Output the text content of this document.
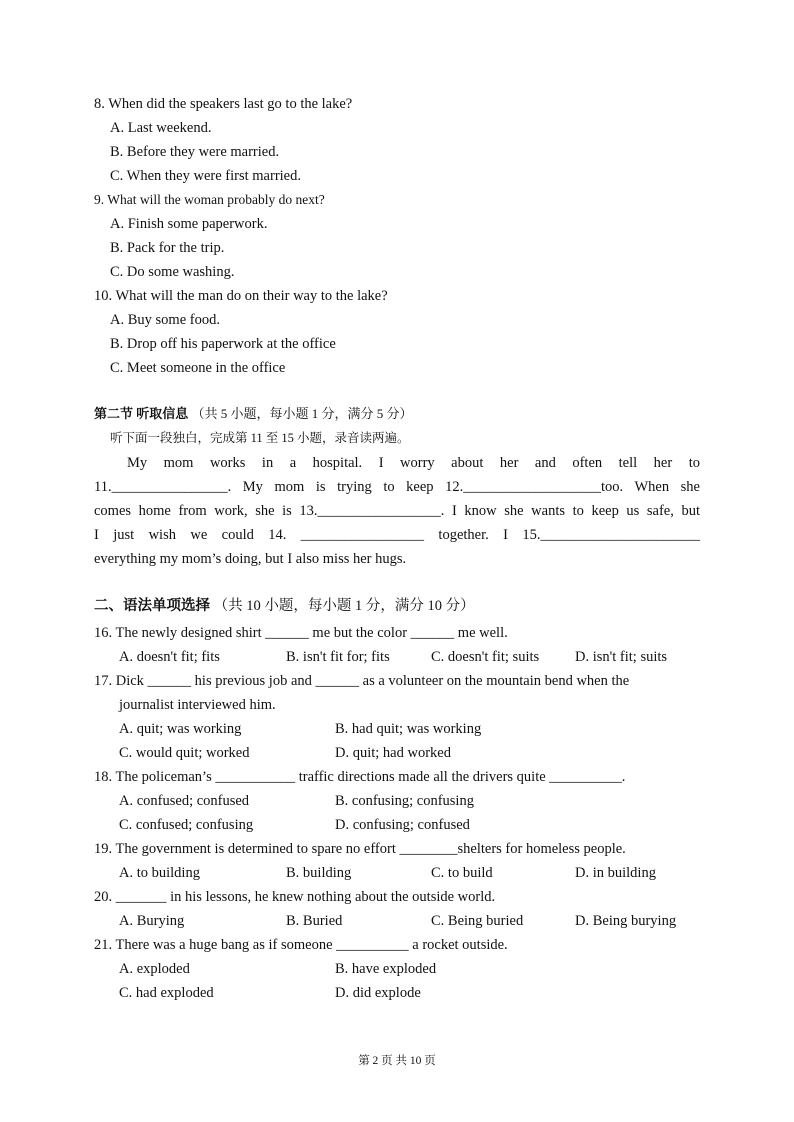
8. When did the speakers last go to the lake?
A. Last weekend.
B. Before they were married.
C. When they were first married.
9. What will the woman probably do next?
A. Finish some paperwork.
B. Pack for the trip.
C. Do some washing.
10. What will the man do on their way to the lake?
A. Buy some food.
B. Drop off his paperwork at the office
C. Meet someone in the office
第二节 听取信息 （共 5 小题，每小题 1 分，满分 5 分）
听下面一段独白，完成第 11 至 15 小题，录音读两遍。
My mom works in a hospital. I worry about her and often tell her to
11.________________. My mom is trying to keep 12.___________________too. When she
comes home from work, she is 13._________________. I know she wants to keep us safe, but
I just wish we could 14. _________________ together. I 15.______________________
everything my mom’s doing, but I also miss her hugs.
二、语法单项选择 （共 10 小题，每小题 1 分，满分 10 分）
16. The newly designed shirt ______ me but the color ______ me well.
A. doesn't fit; fits	B. isn't fit for; fits	C. doesn't fit; suits D. isn't fit; suits
17. Dick ______ his previous job and ______ as a volunteer on the mountain bend when the
journalist interviewed him.
A. quit; was working	B. had quit; was working
C. would quit; worked	D. quit; had worked
18. The policeman’s ___________ traffic directions made all the drivers quite __________.
A. confused; confused	B. confusing; confusing
C. confused; confusing	D. confusing; confused
19. The government is determined to spare no effort ________shelters for homeless people.
A. to building	B. building	C. to build	D. in building
20. _______ in his lessons, he knew nothing about the outside world.
A. Burying	B. Buried	C. Being buried	D. Being burying
21. There was a huge bang as if someone __________ a rocket outside.
A. exploded	B. have exploded
C. had exploded	D. did explode
第 2 页 共 10 页
